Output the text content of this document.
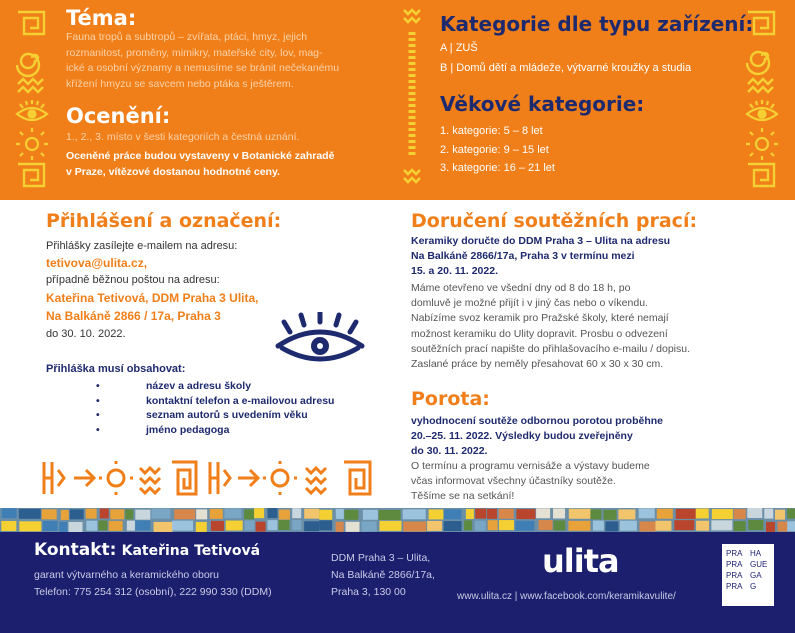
Téma:
Fauna tropů a subtropů – zvířata, ptáci, hmyz, jejich
rozmanitost, proměny, mimikry, mateřské city, lov, mag-
ické a osobní významy a nemusíme se bránit nečekanému
křížení hmyzu se savcem nebo ptáka s ještěrem.
Ocenění:
1., 2., 3. místo v šesti kategoriích a čestná uznání.
Oceněné práce budou vystaveny v Botanické zahradě
v Praze, vítězové dostanou hodnotné ceny.
Kategorie dle typu zařízení:
A | ZUŠ
B | Domů dětí a mládeže, výtvarné kroužky a studia
Věkové kategorie:
1. kategorie: 5 – 8 let
2. kategorie: 9 – 15 let
3. kategorie: 16 – 21 let
Přihlášení a označení:
Přihlášky zasílejte e-mailem na adresu:
tetivova@ulita.cz,
případně běžnou poštou na adresu:
Kateřina Tetivová, DDM Praha 3 Ulita,
Na Balkáně 2866 / 17a, Praha 3
do 30. 10. 2022.
Přihláška musí obsahovat:
• název a adresu školy
• kontaktní telefon a e-mailovou adresu
• seznam autorů s uvedením věku
• jméno pedagoga
Doručení soutěžních prací:
Keramiky doručte do DDM Praha 3 – Ulita na adresu
Na Balkáně 2866/17a, Praha 3 v termínu mezi
15. a 20. 11. 2022.
Máme otevřeno ve všední dny od 8 do 18 h, po
domluvě je možné přijít i v jiný čas nebo o víkendu.
Nabízíme svoz keramik pro Pražské školy, které nemají
možnost keramiku do Ulity dopravit. Prosbu o odvezení
soutěžních prací napište do přihlašovacího e-mailu / dopisu.
Zaslané práce by neměly přesahovat 60 x 30 x 30 cm.
Porota:
vyhodnocení soutěže odbornou porotou proběhne
20.–25. 11. 2022. Výsledky budou zveřejněny
do 30. 11. 2022.
O termínu a programu vernisáže a výstavy budeme
včas informovat všechny účastníky soutěže.
Těšíme se na setkání!
Kontakt: Kateřina Tetivová
garant výtvarného a keramického oboru
Telefon: 775 254 312 (osobní), 222 990 330 (DDM)
DDM Praha 3 – Ulita,
Na Balkáně 2866/17a,
Praha 3, 130 00
ulita
www.ulita.cz | www.facebook.com/keramikavulite/
PRA HA
PRA GUE
PRA GA
PRA G
